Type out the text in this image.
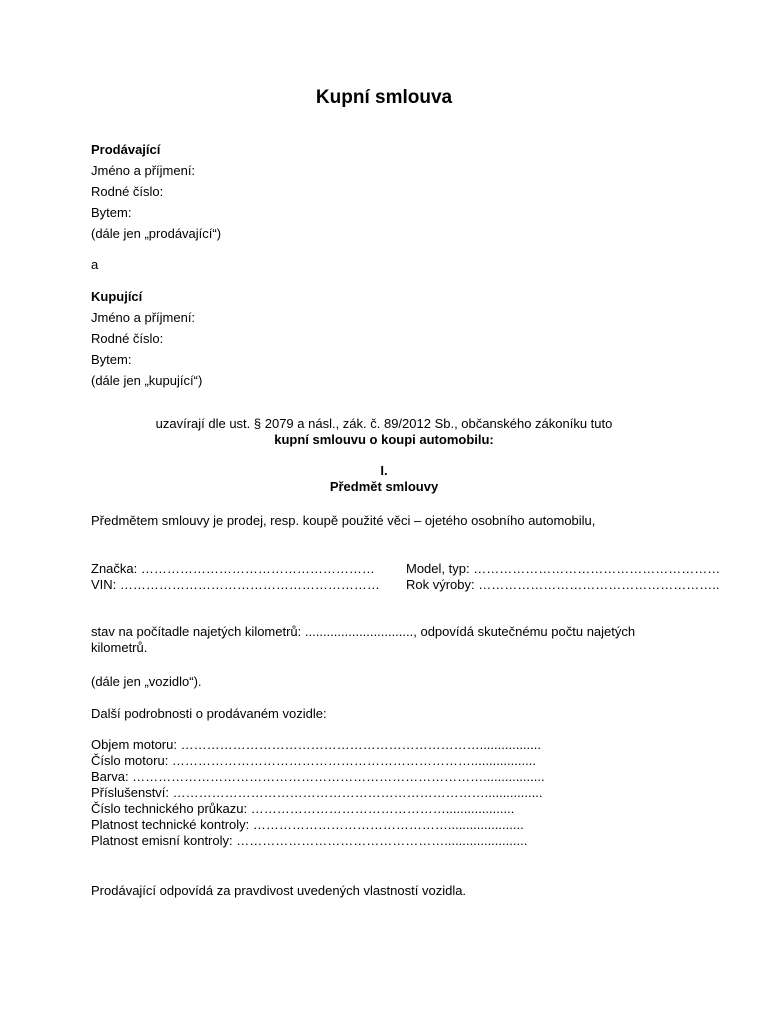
Kupní smlouva
Prodávající
Jméno a příjmení:
Rodné číslo:
Bytem:
(dále jen „prodávající“)
a
Kupující
Jméno a příjmení:
Rodné číslo:
Bytem:
(dále jen „kupující“)
uzavírají dle ust. § 2079 a násl., zák. č. 89/2012 Sb., občanského zákoníku tuto
kupní smlouvu o koupi automobilu:
I.
Předmět smlouvy
Předmětem smlouvy je prodej, resp. koupě použité věci – ojetého osobního automobilu,
Značka: ……………………………………………… Model, typ: …………………………………………………
VIN: …………………………………………………… Rok výroby: ………………………………………………..
stav na počítadle najetých kilometrů: .............................., odpovídá skutečnému počtu najetých
kilometrů.
(dále jen „vozidlo“).
Další podrobnosti o prodávaném vozidle:
Objem motoru: …………………………………………………………….................
Číslo motoru: ……………………………………………………………..................
Barva: ……………………………………………………………………….................
Příslušenství: ………………………………………………………………................
Číslo technického průkazu: ………………………………………...................
Platnost technické kontroly: ……………………………………….....................
Platnost emisní kontroly: ………………………………………….......................
Prodávající odpovídá za pravdivost uvedených vlastností vozidla.
